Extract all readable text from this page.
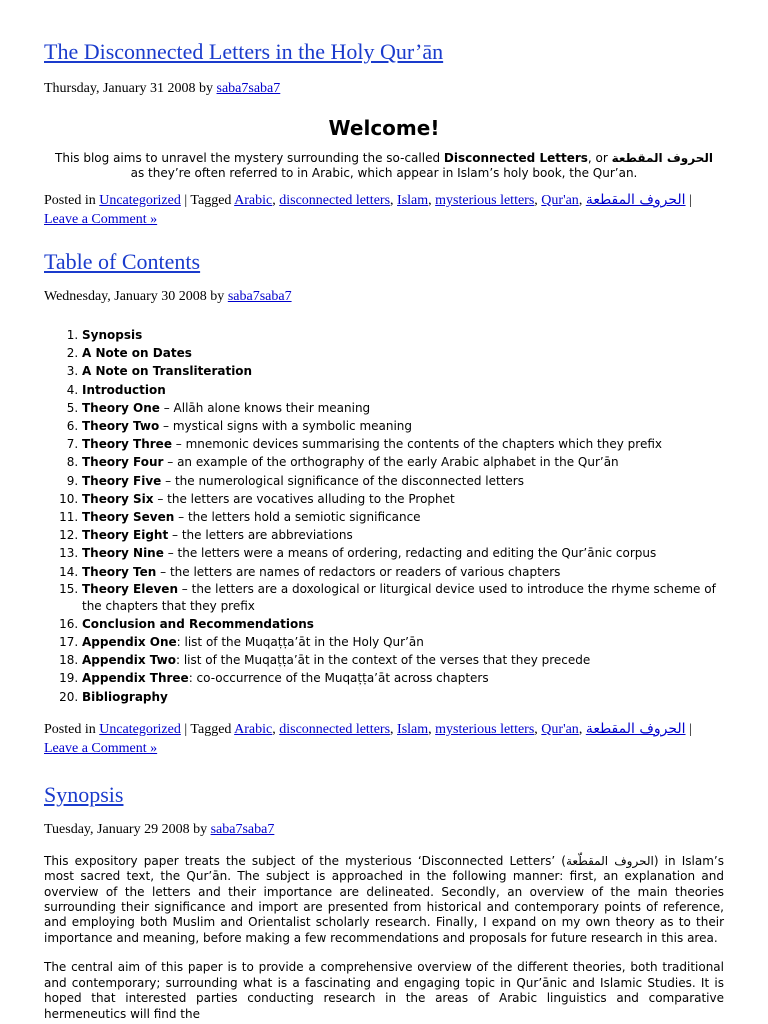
The Disconnected Letters in the Holy Qur’ān

Thursday, January 31 2008 by saba7saba7

Welcome!

This blog aims to unravel the mystery surrounding the so-called Disconnected Letters, or الحروف المقطعة as they’re often referred to in Arabic, which appear in Islam’s holy book, the Qur’an.

Posted in Uncategorized | Tagged Arabic, disconnected letters, Islam, mysterious letters, Qur'an, الحروف المقطعة | Leave a Comment »

Table of Contents

Wednesday, January 30 2008 by saba7saba7

1. Synopsis
2. A Note on Dates
3. A Note on Transliteration
4. Introduction
5. Theory One – Allāh alone knows their meaning
6. Theory Two – mystical signs with a symbolic meaning
7. Theory Three – mnemonic devices summarising the contents of the chapters which they prefix
8. Theory Four – an example of the orthography of the early Arabic alphabet in the Qur’ān
9. Theory Five – the numerological significance of the disconnected letters
10. Theory Six – the letters are vocatives alluding to the Prophet
11. Theory Seven – the letters hold a semiotic significance
12. Theory Eight – the letters are abbreviations
13. Theory Nine – the letters were a means of ordering, redacting and editing the Qur’ānic corpus
14. Theory Ten – the letters are names of redactors or readers of various chapters
15. Theory Eleven – the letters are a doxological or liturgical device used to introduce the rhyme scheme of the chapters that they prefix
16. Conclusion and Recommendations
17. Appendix One: list of the Muqaṭṭa’āt in the Holy Qur’ān
18. Appendix Two: list of the Muqaṭṭa’āt in the context of the verses that they precede
19. Appendix Three: co-occurrence of the Muqaṭṭa’āt across chapters
20. Bibliography

Posted in Uncategorized | Tagged Arabic, disconnected letters, Islam, mysterious letters, Qur'an, الحروف المقطعة | Leave a Comment »

Synopsis

Tuesday, January 29 2008 by saba7saba7

This expository paper treats the subject of the mysterious ‘Disconnected Letters’ (الحروف المقطّعة) in Islam’s most sacred text, the Qur’ān. The subject is approached in the following manner: first, an explanation and overview of the letters and their importance are delineated. Secondly, an overview of the main theories surrounding their significance and import are presented from historical and contemporary points of reference, and employing both Muslim and Orientalist scholarly research. Finally, I expand on my own theory as to their importance and meaning, before making a few recommendations and proposals for future research in this area.

The central aim of this paper is to provide a comprehensive overview of the different theories, both traditional and contemporary; surrounding what is a fascinating and engaging topic in Qur’ānic and Islamic Studies. It is hoped that interested parties conducting research in the areas of Arabic linguistics and comparative hermeneutics will find the
